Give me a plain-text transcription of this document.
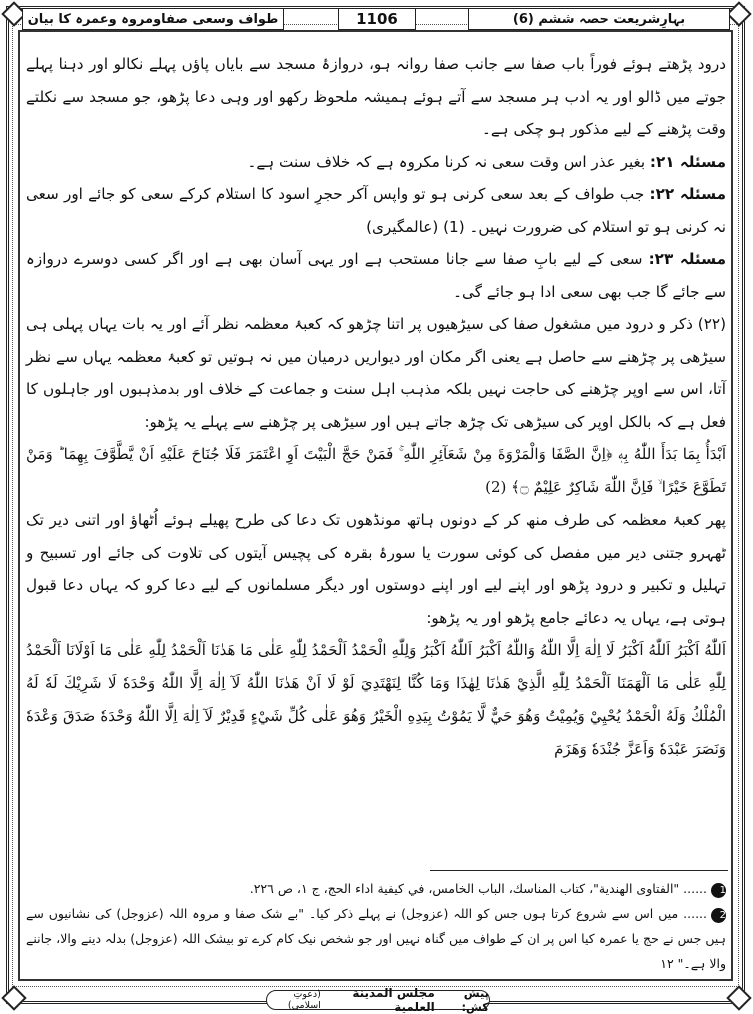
بہارِشریعت حصہ ششم (6)
1106
طواف وسعی صفاومروہ وعمرہ کا بیان

درود پڑھتے ہوئے فوراً باب صفا سے جانب صفا روانہ ہو، دروازۂ مسجد سے بایاں پاؤں پہلے نکالو اور دہنا پہلے جوتے میں ڈالو اور یہ ادب ہر مسجد سے آتے ہوئے ہمیشہ ملحوظ رکھو اور وہی دعا پڑھو، جو مسجد سے نکلتے وقت پڑھنے کے لیے مذکور ہو چکی ہے۔

مسئلہ ۲۱: بغیر عذر اس وقت سعی نہ کرنا مکروہ ہے کہ خلاف سنت ہے۔

مسئلہ ۲۲: جب طواف کے بعد سعی کرنی ہو تو واپس آکر حجرِ اسود کا استلام کرکے سعی کو جائے اور سعی نہ کرنی ہو تو استلام کی ضرورت نہیں۔ (1) (عالمگیری)

مسئلہ ۲۳: سعی کے لیے بابِ صفا سے جانا مستحب ہے اور یہی آسان بھی ہے اور اگر کسی دوسرے دروازہ سے جائے گا جب بھی سعی ادا ہو جائے گی۔

(۲۲) ذکر و درود میں مشغول صفا کی سیڑھیوں پر اتنا چڑھو کہ کعبۂ معظمہ نظر آئے اور یہ بات یہاں پہلی ہی سیڑھی پر چڑھنے سے حاصل ہے یعنی اگر مکان اور دیواریں درمیان میں نہ ہوتیں تو کعبۂ معظمہ یہاں سے نظر آتا، اس سے اوپر چڑھنے کی حاجت نہیں بلکہ مذہب اہل سنت و جماعت کے خلاف اور بدمذہبوں اور جاہلوں کا فعل ہے کہ بالکل اوپر کی سیڑھی تک چڑھ جاتے ہیں اور سیڑھی پر چڑھنے سے پہلے یہ پڑھو:

اَبْدَأُ بِمَا بَدَأَ اللّٰهُ بِهٖ ﴿اِنَّ الصَّفَا وَالْمَرْوَةَ مِنْ شَعَآئِرِ اللّٰهِ ۚ فَمَنْ حَجَّ الْبَيْتَ اَوِ اعْتَمَرَ فَلَا جُنَاحَ عَلَيْهِ اَنْ يَّطَّوَّفَ بِهِمَا ؕ وَمَنْ تَطَوَّعَ خَيْرًا ۙ فَاِنَّ اللّٰهَ شَاكِرٌ عَلِيْمٌ ۝﴾ (2)

پھر کعبۂ معظمہ کی طرف منھ کر کے دونوں ہاتھ مونڈھوں تک دعا کی طرح پھیلے ہوئے اُٹھاؤ اور اتنی دیر تک ٹھہرو جتنی دیر میں مفصل کی کوئی سورت یا سورۂ بقرہ کی پچیس آیتوں کی تلاوت کی جائے اور تسبیح و تہلیل و تکبیر و درود پڑھو اور اپنے لیے اور اپنے دوستوں اور دیگر مسلمانوں کے لیے دعا کرو کہ یہاں دعا قبول ہوتی ہے، یہاں یہ دعائے جامع پڑھو اور یہ پڑھو:

اَللّٰهُ اَكْبَرُ اَللّٰهُ اَكْبَرُ لَا اِلٰهَ اِلَّا اللّٰهُ وَاللّٰهُ اَكْبَرُ اَللّٰهُ اَكْبَرُ وَلِلّٰهِ الْحَمْدُ اَلْحَمْدُ لِلّٰهِ عَلٰى مَا هَدٰنَا اَلْحَمْدُ لِلّٰهِ عَلٰى مَا اَوْلَانَا اَلْحَمْدُ لِلّٰهِ عَلٰى مَا اَلْهَمَنَا اَلْحَمْدُ لِلّٰهِ الَّذِيْ هَدٰنَا لِهٰذَا وَمَا كُنَّا لِنَهْتَدِيَ لَوْ لَا اَنْ هَدٰنَا اللّٰهُ لَآ اِلٰهَ اِلَّا اللّٰهُ وَحْدَهٗ لَا شَرِيْكَ لَهٗ لَهُ الْمُلْكُ وَلَهُ الْحَمْدُ يُحْيِيْ وَيُمِيْتُ وَهُوَ حَيٌّ لَّا يَمُوْتُ بِيَدِهِ الْخَيْرُ وَهُوَ عَلٰى كُلِّ شَيْءٍ قَدِيْرٌ لَآ اِلٰهَ اِلَّا اللّٰهُ وَحْدَهٗ صَدَقَ وَعْدَهٗ وَنَصَرَ عَبْدَهٗ وَاَعَزَّ جُنْدَهٗ وَهَزَمَ

1...... "الفتاوى الهندية"، كتاب المناسك، الباب الخامس، في كيفية اداء الحج، ج ١، ص ٢٢٦.

2...... میں اس سے شروع کرتا ہوں جس کو اللہ (عزوجل) نے پہلے ذکر کیا۔ "بے شک صفا و مروہ اللہ (عزوجل) کی نشانیوں سے ہیں جس نے حج یا عمرہ کیا اس پر ان کے طواف میں گناہ نہیں اور جو شخص نیک کام کرے تو بیشک اللہ (عزوجل) بدلہ دینے والا، جاننے والا ہے۔" ۱۲

پیش کش:
مجلس المدينة العلمية
(دعوتِ اسلامی)
